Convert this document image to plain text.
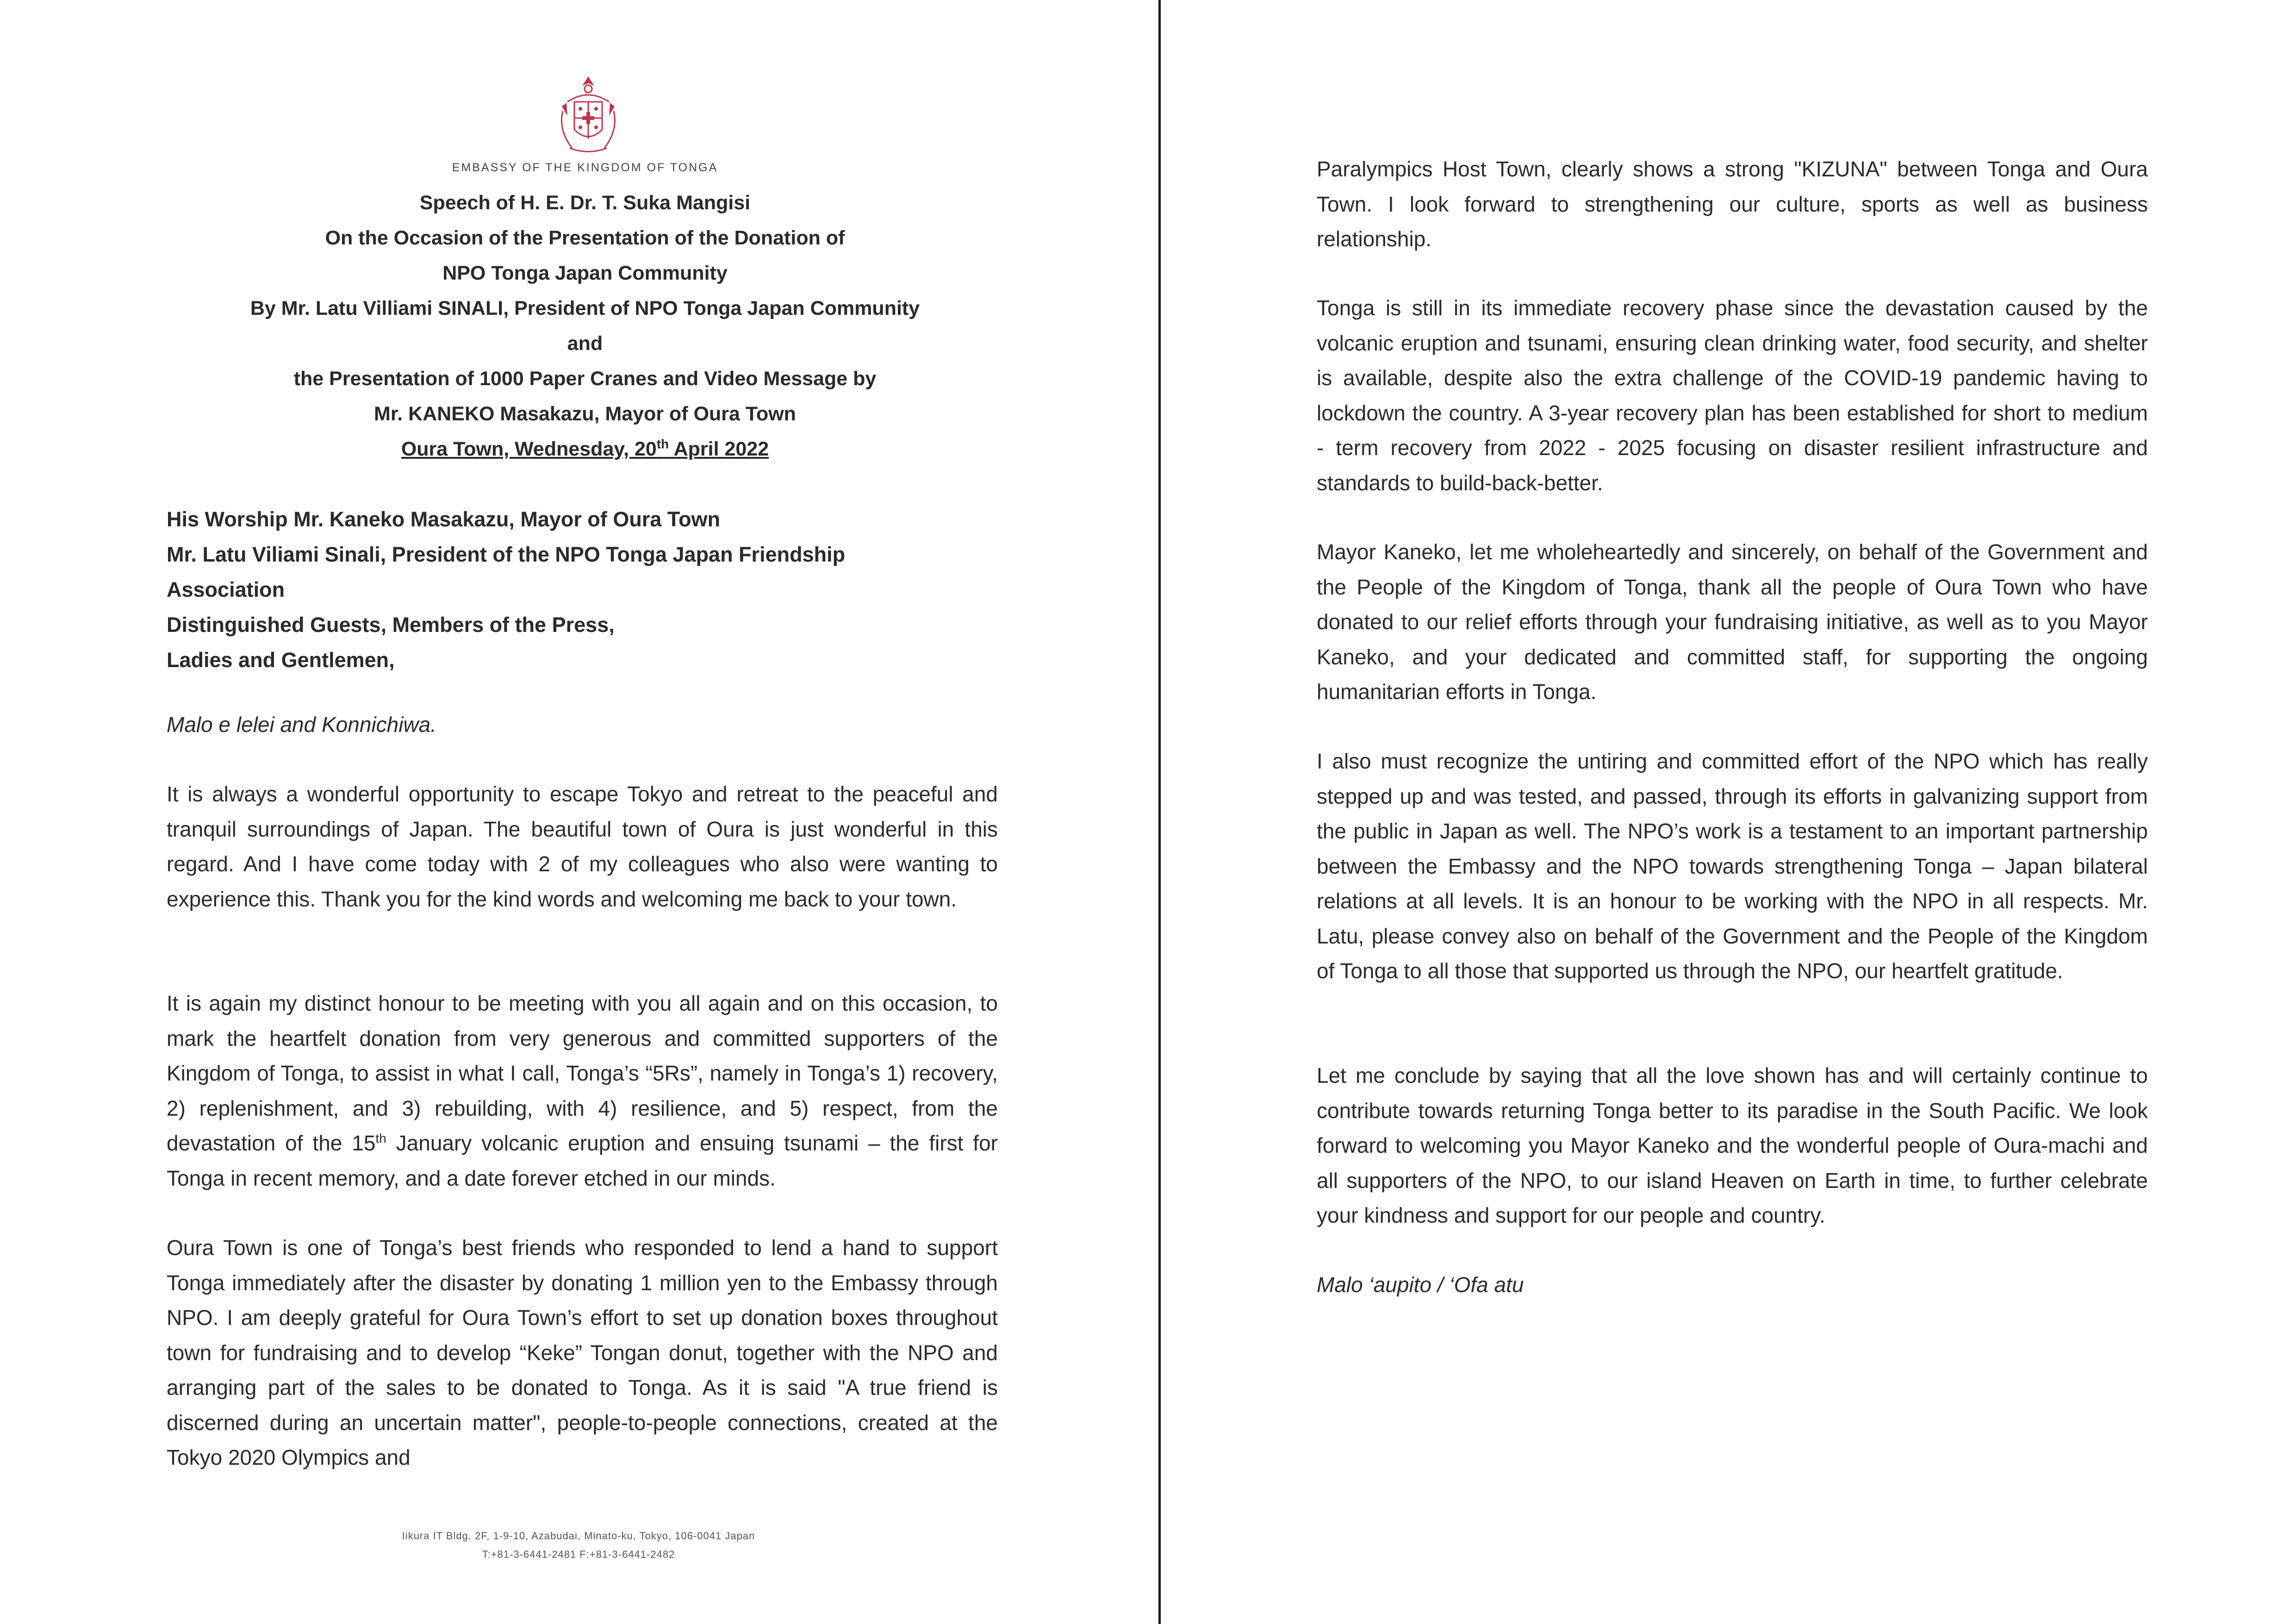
EMBASSY OF THE KINGDOM OF TONGA
Speech of H. E. Dr. T. Suka Mangisi
On the Occasion of the Presentation of the Donation of
NPO Tonga Japan Community
By Mr. Latu Villiami SINALI, President of NPO Tonga Japan Community
and
the Presentation of 1000 Paper Cranes and Video Message by
Mr. KANEKO Masakazu, Mayor of Oura Town
Oura Town, Wednesday, 20th April 2022
His Worship Mr. Kaneko Masakazu, Mayor of Oura Town
Mr. Latu Viliami Sinali, President of the NPO Tonga Japan Friendship
Association
Distinguished Guests, Members of the Press,
Ladies and Gentlemen,

Malo e lelei and Konnichiwa.

It is always a wonderful opportunity to escape Tokyo and retreat to the peaceful and tranquil surroundings of Japan. The beautiful town of Oura is just wonderful in this regard. And I have come today with 2 of my colleagues who also were wanting to experience this. Thank you for the kind words and welcoming me back to your town.

It is again my distinct honour to be meeting with you all again and on this occasion, to mark the heartfelt donation from very generous and committed supporters of the Kingdom of Tonga, to assist in what I call, Tonga’s “5Rs”, namely in Tonga’s 1) recovery, 2) replenishment, and 3) rebuilding, with 4) resilience, and 5) respect, from the devastation of the 15th January volcanic eruption and ensuing tsunami – the first for Tonga in recent memory, and a date forever etched in our minds.

Oura Town is one of Tonga’s best friends who responded to lend a hand to support Tonga immediately after the disaster by donating 1 million yen to the Embassy through NPO. I am deeply grateful for Oura Town’s effort to set up donation boxes throughout town for fundraising and to develop “Keke” Tongan donut, together with the NPO and arranging part of the sales to be donated to Tonga. As it is said "A true friend is discerned during an uncertain matter", people-to-people connections, created at the Tokyo 2020 Olympics and

Iikura IT Bldg. 2F, 1-9-10, Azabudai, Minato-ku, Tokyo, 106-0041 Japan
T:+81-3-6441-2481 F:+81-3-6441-2482

Paralympics Host Town, clearly shows a strong "KIZUNA" between Tonga and Oura Town. I look forward to strengthening our culture, sports as well as business relationship.

Tonga is still in its immediate recovery phase since the devastation caused by the volcanic eruption and tsunami, ensuring clean drinking water, food security, and shelter is available, despite also the extra challenge of the COVID-19 pandemic having to lockdown the country. A 3-year recovery plan has been established for short to medium - term recovery from 2022 - 2025 focusing on disaster resilient infrastructure and standards to build-back-better.

Mayor Kaneko, let me wholeheartedly and sincerely, on behalf of the Government and the People of the Kingdom of Tonga, thank all the people of Oura Town who have donated to our relief efforts through your fundraising initiative, as well as to you Mayor Kaneko, and your dedicated and committed staff, for supporting the ongoing humanitarian efforts in Tonga.

I also must recognize the untiring and committed effort of the NPO which has really stepped up and was tested, and passed, through its efforts in galvanizing support from the public in Japan as well. The NPO’s work is a testament to an important partnership between the Embassy and the NPO towards strengthening Tonga – Japan bilateral relations at all levels. It is an honour to be working with the NPO in all respects. Mr. Latu, please convey also on behalf of the Government and the People of the Kingdom of Tonga to all those that supported us through the NPO, our heartfelt gratitude.

Let me conclude by saying that all the love shown has and will certainly continue to contribute towards returning Tonga better to its paradise in the South Pacific. We look forward to welcoming you Mayor Kaneko and the wonderful people of Oura-machi and all supporters of the NPO, to our island Heaven on Earth in time, to further celebrate your kindness and support for our people and country.

Malo ‘aupito / ‘Ofa atu
